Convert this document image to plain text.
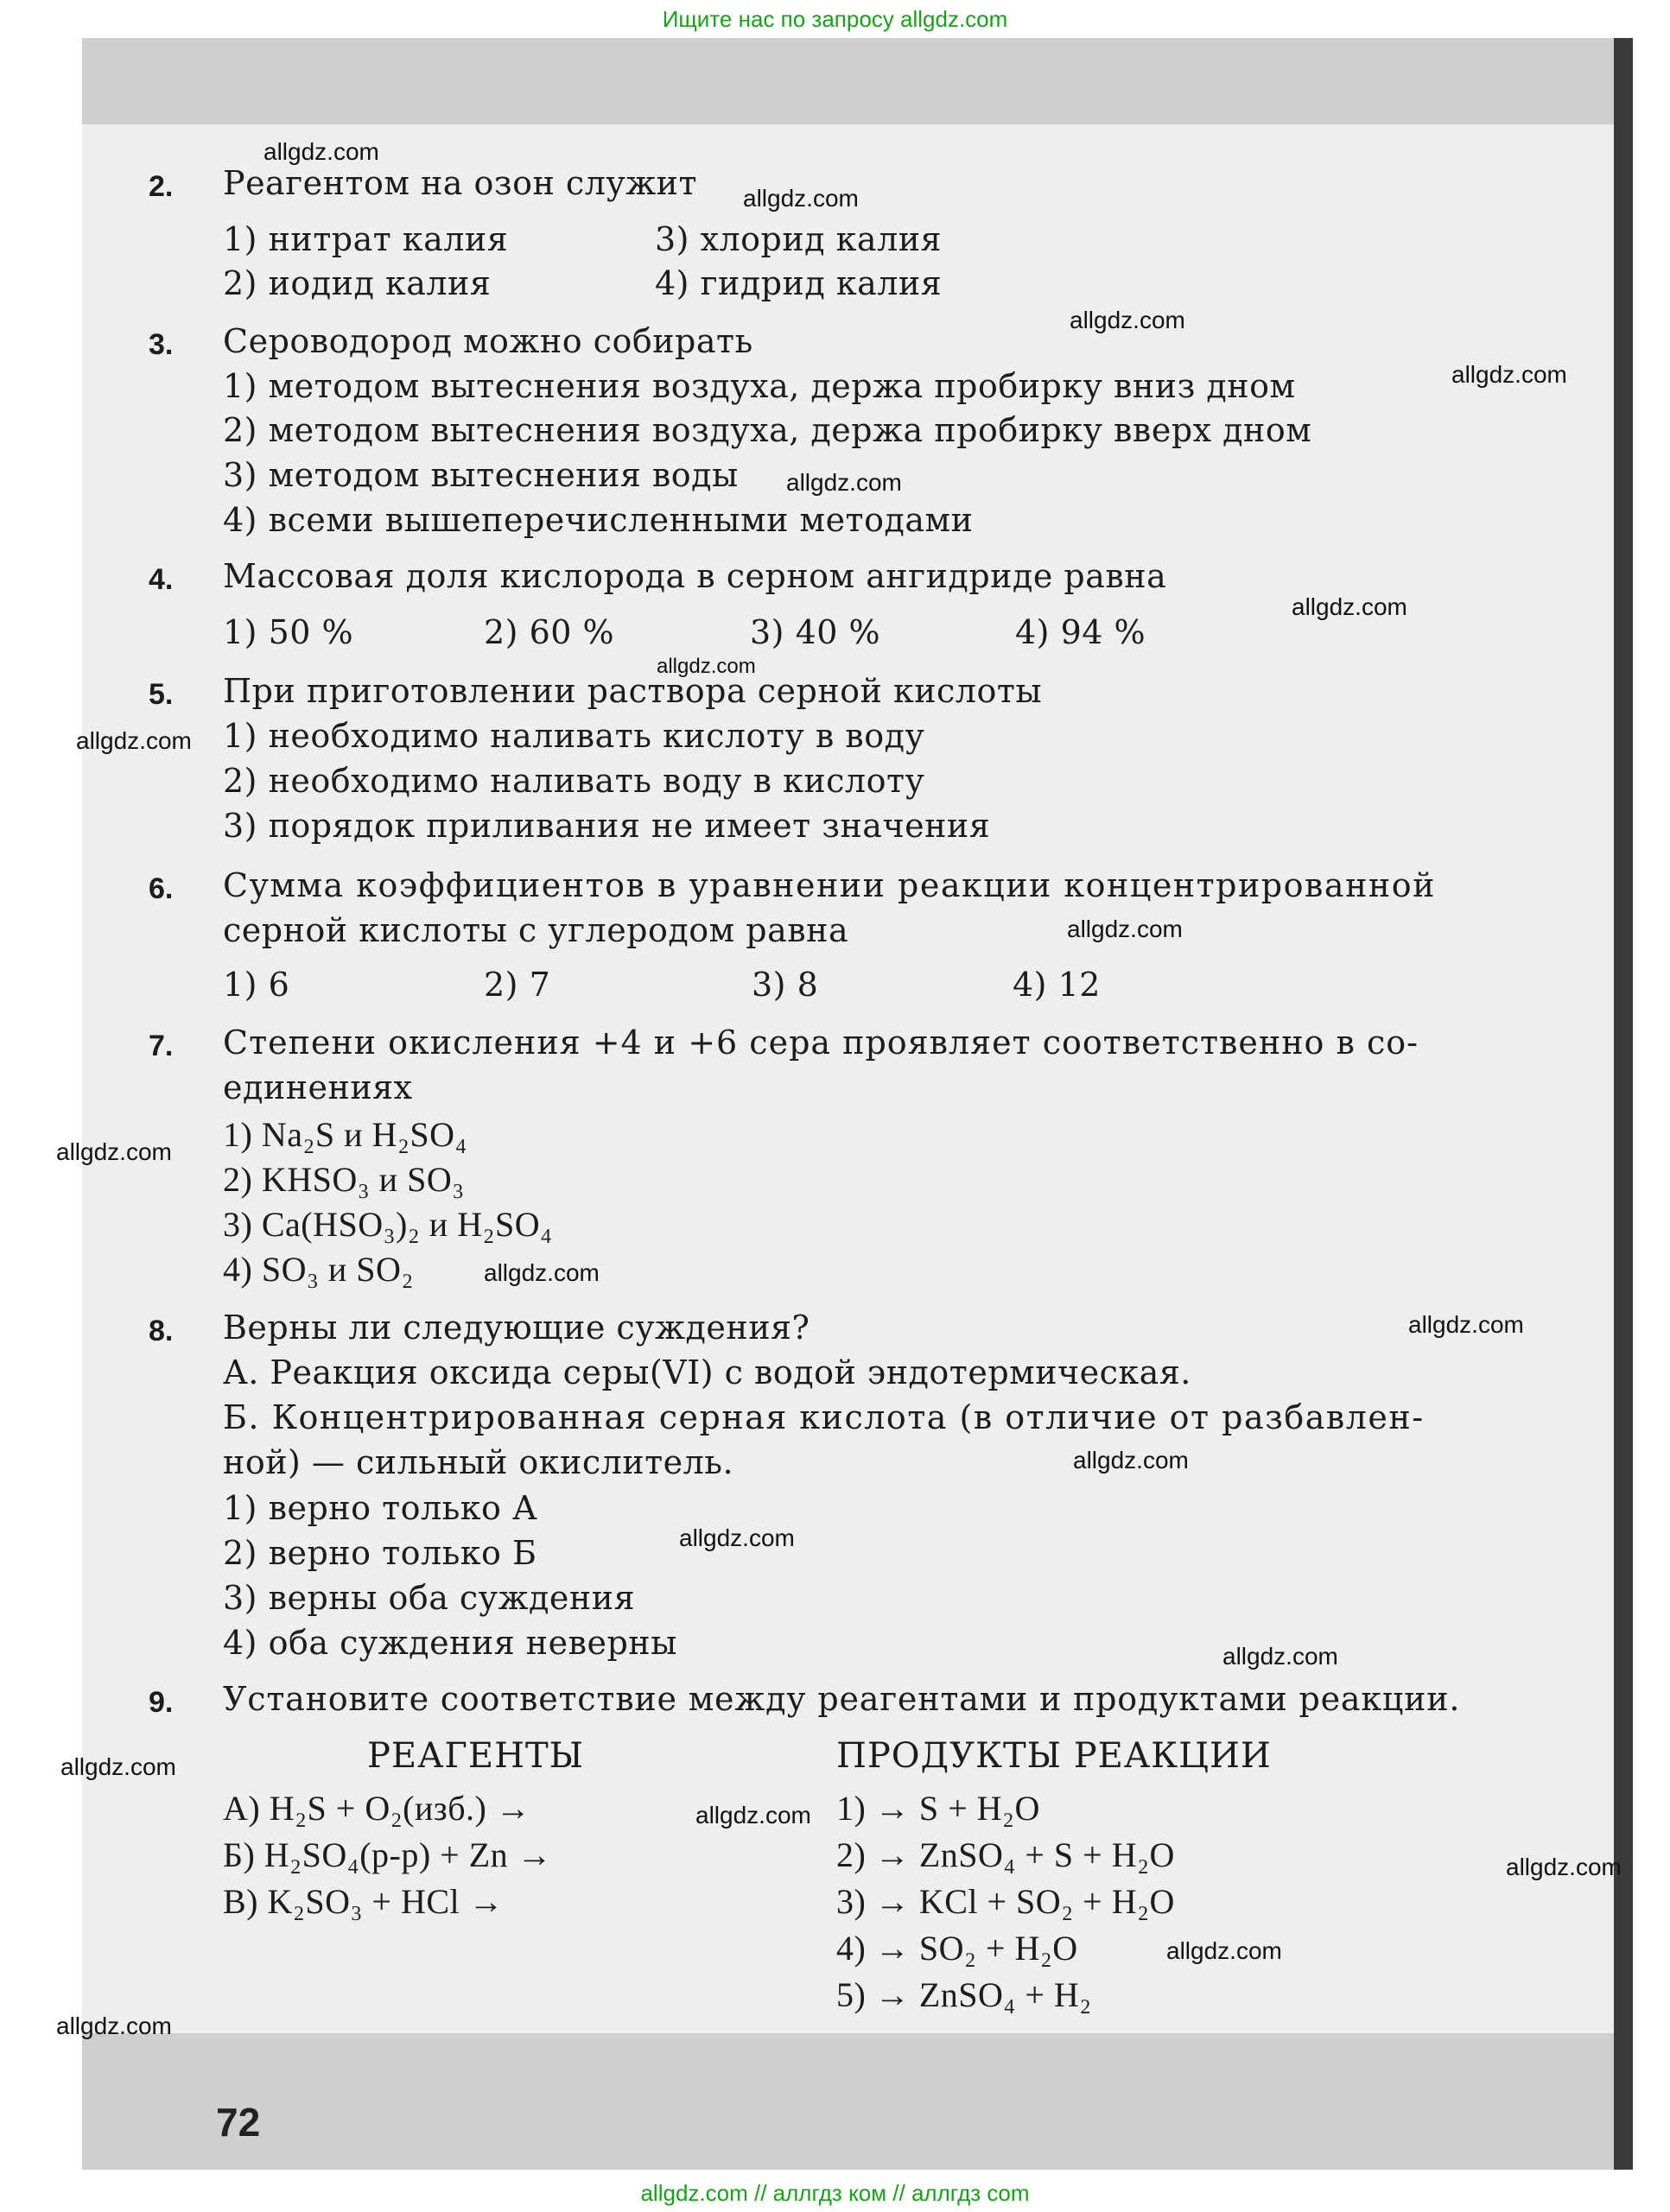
Ищите нас по запросу allgdz.com
2. Реагентом на озон служит
1) нитрат калия	3) хлорид калия
2) иодид калия	4) гидрид калия
3. Сероводород можно собирать
1) методом вытеснения воздуха, держа пробирку вниз дном
2) методом вытеснения воздуха, держа пробирку вверх дном
3) методом вытеснения воды
4) всеми вышеперечисленными методами
4. Массовая доля кислорода в серном ангидриде равна
1) 50 %	2) 60 %	3) 40 %	4) 94 %
5. При приготовлении раствора серной кислоты
1) необходимо наливать кислоту в воду
2) необходимо наливать воду в кислоту
3) порядок приливания не имеет значения
6. Сумма коэффициентов в уравнении реакции концентрированной
серной кислоты с углеродом равна
1) 6	2) 7	3) 8	4) 12
7. Степени окисления +4 и +6 сера проявляет соответственно в со-
единениях
1) Na₂S и H₂SO₄
2) KHSO₃ и SO₃
3) Ca(HSO₃)₂ и H₂SO₄
4) SO₃ и SO₂
8. Верны ли следующие суждения?
А. Реакция оксида серы(VI) с водой эндотермическая.
Б. Концентрированная серная кислота (в отличие от разбавлен-
ной) — сильный окислитель.
1) верно только А
2) верно только Б
3) верны оба суждения
4) оба суждения неверны
9. Установите соответствие между реагентами и продуктами реакции.
РЕАГЕНТЫ	ПРОДУКТЫ РЕАКЦИИ
А) H₂S + O₂(изб.) →
Б) H₂SO₄(р-р) + Zn →
В) K₂SO₃ + HCl →
1) → S + H₂O
2) → ZnSO₄ + S + H₂O
3) → KCl + SO₂ + H₂O
4) → SO₂ + H₂O
5) → ZnSO₄ + H₂
72
allgdz.com
allgdz.com
allgdz.com
allgdz.com
allgdz.com
allgdz.com
allgdz.com
allgdz.com
allgdz.com
allgdz.com
allgdz.com
allgdz.com
allgdz.com
allgdz.com
allgdz.com
allgdz.com
allgdz.com
allgdz.com
allgdz.com
allgdz.com
allgdz.com // аллгдз ком // аллгдз com
